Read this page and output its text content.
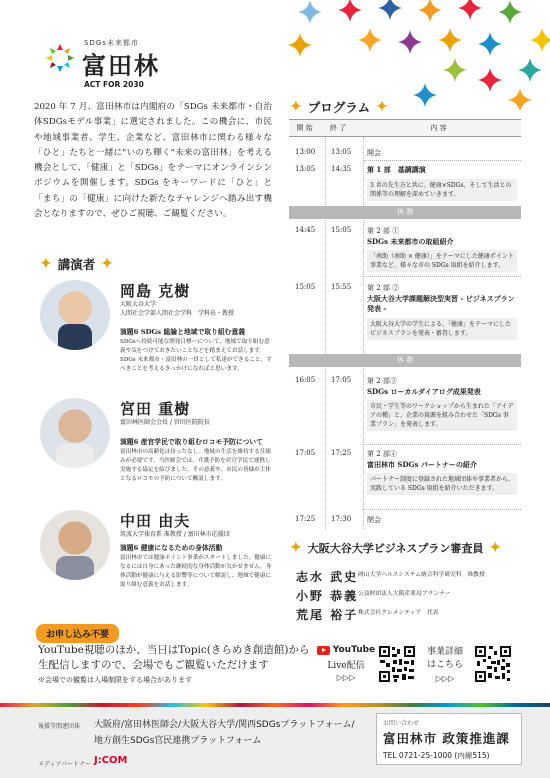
SDGs未来都市
富田林
ACT FOR 2030

2020 年 7 月、富田林市は内閣府の「SDGs 未来都市・自治体SDGsモデル事業」に選定されました。この機会に、市民や地域事業者、学生、企業など、富田林市に関わる様々な「ひと」たちと一緒に"いのち輝く"未来の富田林」を考える機会として、「健康」と「SDGs」をテーマにオンラインシンポジウムを開催します。SDGs をキーワードに「ひと」と「まち」の「健康」に向けた新たなチャレンジへ踏み出す機会となりますので、ぜひご視聴、ご観覧ください。

✦ 講演者 ✦
岡島 克樹
大阪大谷大学
人間社会学部人間社会学科　学科長・教授
演題6 SDGs 総論と地域で取り組む意義
SDGsへ持続可能な開発目標ーについて、地域で取り組む意義や気をつけておきたいことなどを踏まえてお話します。SDGs 未来都市・富田林の一員として私達ができること、すべきことを考えるきっかけになればと思います。
宮田 重樹
富田林医師会会長 / 宮田医院院長
演題6 産官学民で取り組むロコモ予防について
富田林市の高齢化は待ったなし。地域の生活を維持する仕組みが必要です。当医師会では、介護予防を産官学民で連携し実施する協定を結びました。その意義や、市民の皆様が主体となるロコモの予防について概説します。
中田 由夫
筑波大学体育系 准教授 / 富田林市応援団
演題6 健康になるための身体活動
富田林市では健康ポイント事業がスタートしました。健康になるには自身にあった継続的な身体活動が欠かせません。身体活動が健康に与える影響等について解説し、地域で健康に取り組む意義をお話します。
✦ プログラム ✦
開 始	終 了	内 容
13:00 13:05 開会
13:05 14:35 第 1 部　基調講演
3 名の先生方と共に、健康×SDGs、そして生活との関係等の理解を深めていきます。
休 憩
14:45 15:05 第 2 部 ①
SDGs 未来都市の取組紹介
「南助（南助 × 健康）」をテーマにした健康ポイント事業など、様々な市の SDGs 取組を紹介します。
15:05 15:55 第 2 部 ②
大阪大谷大学課題解決型実習 - ビジネスプラン発表 -
大阪大谷大学の学生による、「健康」をテーマにしたビジネスプランを発表・審査します。
休 憩
16:05 17:05 第 2 部③
SDGs ローカルダイアログ成果発表
市民・学生等のワークショップから生まれた「アイデアの種」と、企業の資源を組み合わせた「SDGs 事業プラン」を発表します。
17:05 17:25 第 2 部④
富田林市 SDGs パートナーの紹介
パートナー制度に登録された地域団体や事業者から、実践している SDGs 取組を紹介いただきます。
17:25 17:30 閉会
✦ 大阪大谷大学ビジネスプラン審査員 ✦
志水 武史 岡山大学ヘルスシステム統合科学研究科　准教授
小野 恭義 公益財団法人大阪産業局ブランナー
荒尾 裕子 株式会社クレメンティア　代表
お申し込み不要
YouTube視聴のほか、当日はTopic(きらめき創造館)から
生配信しますので、会場でもご観覧いただけます
※会場での観覧は入場制限をする場合があります
YouTube
Live配信
▷▷▷
事業詳細
はこちら
▷▷▷
後援等関連団体 大阪府/富田林医師会/大阪大谷大学/関西SDGsプラットフォーム/
地方創生SDGs官民連携プラットフォーム
メディアパートナー J:COM
お問い合わせ
富田林市 政策推進課
TEL 0721-25-1000 (内線515)
